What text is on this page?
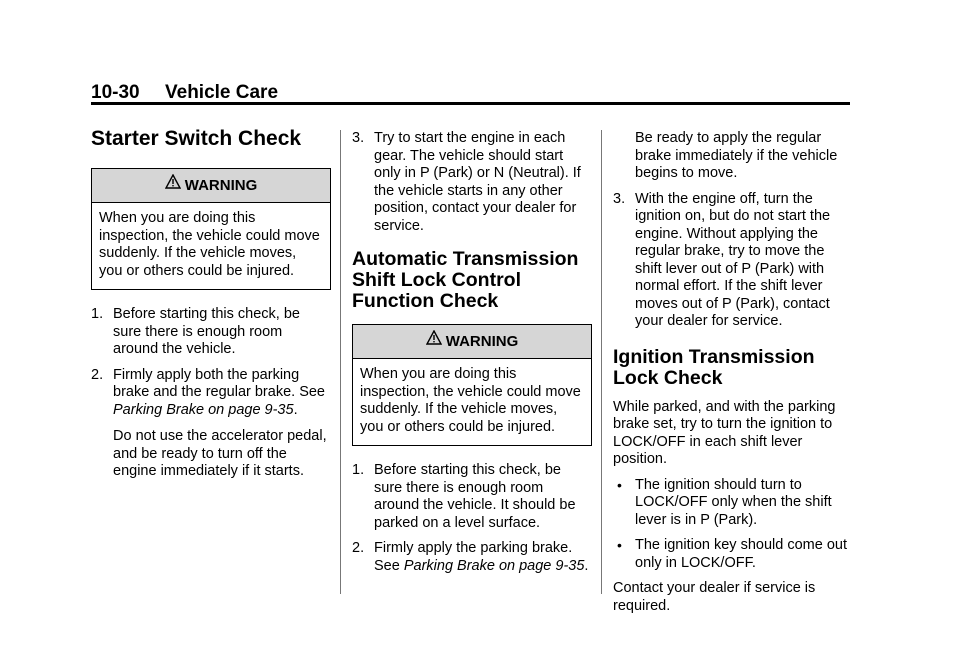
10-30 Vehicle Care
Starter Switch Check
WARNING
When you are doing this inspection, the vehicle could move suddenly. If the vehicle moves, you or others could be injured.
1. Before starting this check, be sure there is enough room around the vehicle.
2. Firmly apply both the parking brake and the regular brake. See Parking Brake on page 9-35.
Do not use the accelerator pedal, and be ready to turn off the engine immediately if it starts.
3. Try to start the engine in each gear. The vehicle should start only in P (Park) or N (Neutral). If the vehicle starts in any other position, contact your dealer for service.
Automatic Transmission
Shift Lock Control
Function Check
WARNING
When you are doing this inspection, the vehicle could move suddenly. If the vehicle moves, you or others could be injured.
1. Before starting this check, be sure there is enough room around the vehicle. It should be parked on a level surface.
2. Firmly apply the parking brake. See Parking Brake on page 9-35.
Be ready to apply the regular brake immediately if the vehicle begins to move.
3. With the engine off, turn the ignition on, but do not start the engine. Without applying the regular brake, try to move the shift lever out of P (Park) with normal effort. If the shift lever moves out of P (Park), contact your dealer for service.
Ignition Transmission
Lock Check
While parked, and with the parking brake set, try to turn the ignition to LOCK/OFF in each shift lever position.
• The ignition should turn to LOCK/OFF only when the shift lever is in P (Park).
• The ignition key should come out only in LOCK/OFF.
Contact your dealer if service is required.
